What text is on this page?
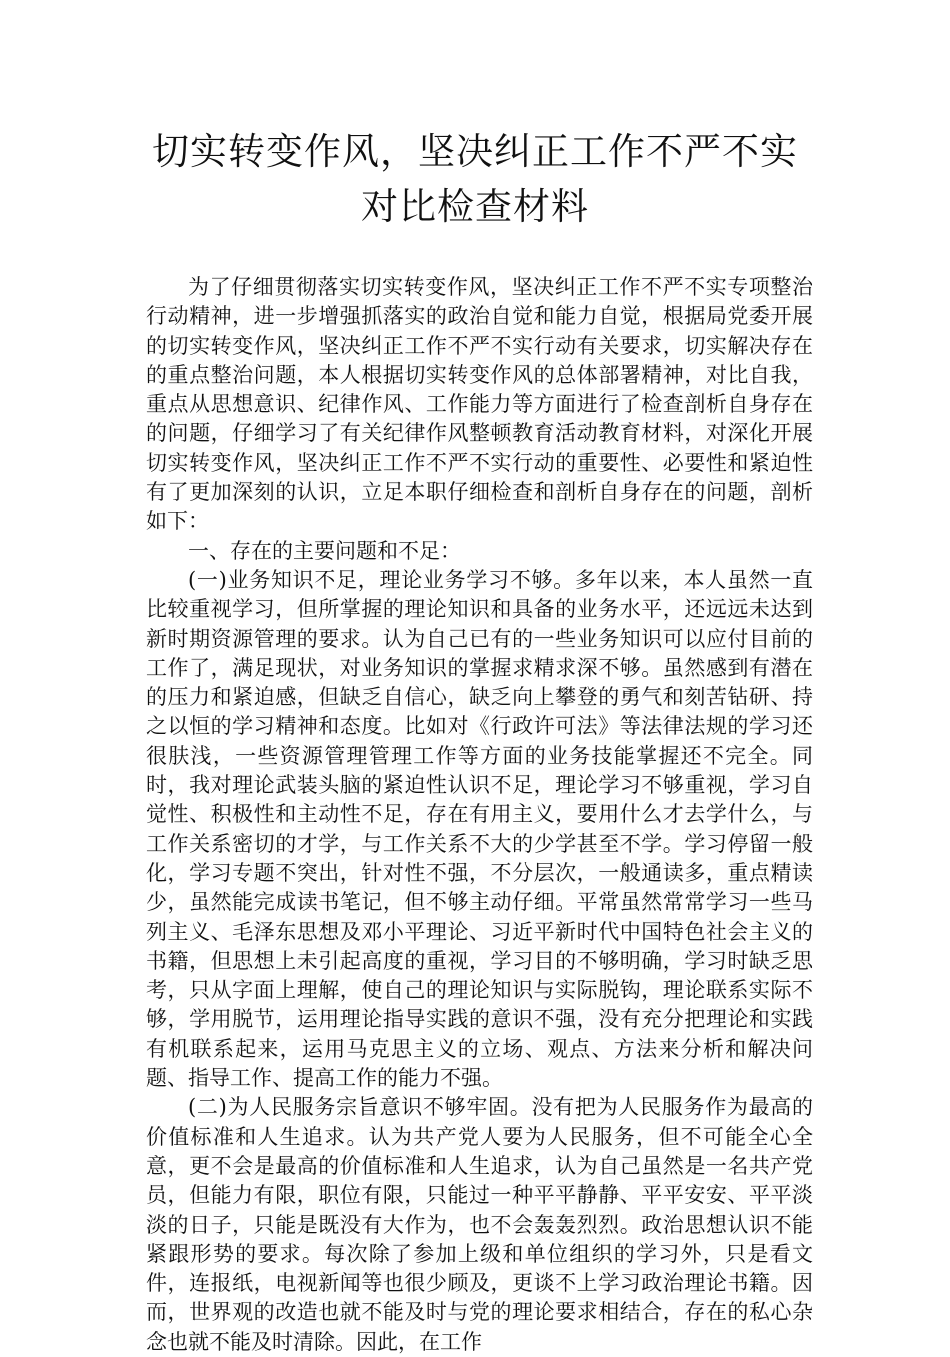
切实转变作风，坚决纠正工作不严不实
对比检查材料

为了仔细贯彻落实切实转变作风，坚决纠正工作不严不实专项整治行动精神，进一步增强抓落实的政治自觉和能力自觉，根据局党委开展的切实转变作风，坚决纠正工作不严不实行动有关要求，切实解决存在的重点整治问题，本人根据切实转变作风的总体部署精神，对比自我，重点从思想意识、纪律作风、工作能力等方面进行了检查剖析自身存在的问题，仔细学习了有关纪律作风整顿教育活动教育材料，对深化开展切实转变作风，坚决纠正工作不严不实行动的重要性、必要性和紧迫性有了更加深刻的认识，立足本职仔细检查和剖析自身存在的问题，剖析如下：

一、存在的主要问题和不足：

(一)业务知识不足，理论业务学习不够。多年以来，本人虽然一直比较重视学习，但所掌握的理论知识和具备的业务水平，还远远未达到新时期资源管理的要求。认为自己已有的一些业务知识可以应付目前的工作了，满足现状，对业务知识的掌握求精求深不够。虽然感到有潜在的压力和紧迫感，但缺乏自信心，缺乏向上攀登的勇气和刻苦钻研、持之以恒的学习精神和态度。比如对《行政许可法》等法律法规的学习还很肤浅，一些资源管理管理工作等方面的业务技能掌握还不完全。同时，我对理论武装头脑的紧迫性认识不足，理论学习不够重视，学习自觉性、积极性和主动性不足，存在有用主义，要用什么才去学什么，与工作关系密切的才学，与工作关系不大的少学甚至不学。学习停留一般化，学习专题不突出，针对性不强，不分层次，一般通读多，重点精读少，虽然能完成读书笔记，但不够主动仔细。平常虽然常常学习一些马列主义、毛泽东思想及邓小平理论、习近平新时代中国特色社会主义的书籍，但思想上未引起高度的重视，学习目的不够明确，学习时缺乏思考，只从字面上理解，使自己的理论知识与实际脱钩，理论联系实际不够，学用脱节，运用理论指导实践的意识不强，没有充分把理论和实践有机联系起来，运用马克思主义的立场、观点、方法来分析和解决问题、指导工作、提高工作的能力不强。

(二)为人民服务宗旨意识不够牢固。没有把为人民服务作为最高的价值标准和人生追求。认为共产党人要为人民服务，但不可能全心全意，更不会是最高的价值标准和人生追求，认为自己虽然是一名共产党员，但能力有限，职位有限，只能过一种平平静静、平平安安、平平淡淡的日子，只能是既没有大作为，也不会轰轰烈烈。政治思想认识不能紧跟形势的要求。每次除了参加上级和单位组织的学习外，只是看文件，连报纸，电视新闻等也很少顾及，更谈不上学习政治理论书籍。因而，世界观的改造也就不能及时与党的理论要求相结合，存在的私心杂念也就不能及时清除。因此，在工作
